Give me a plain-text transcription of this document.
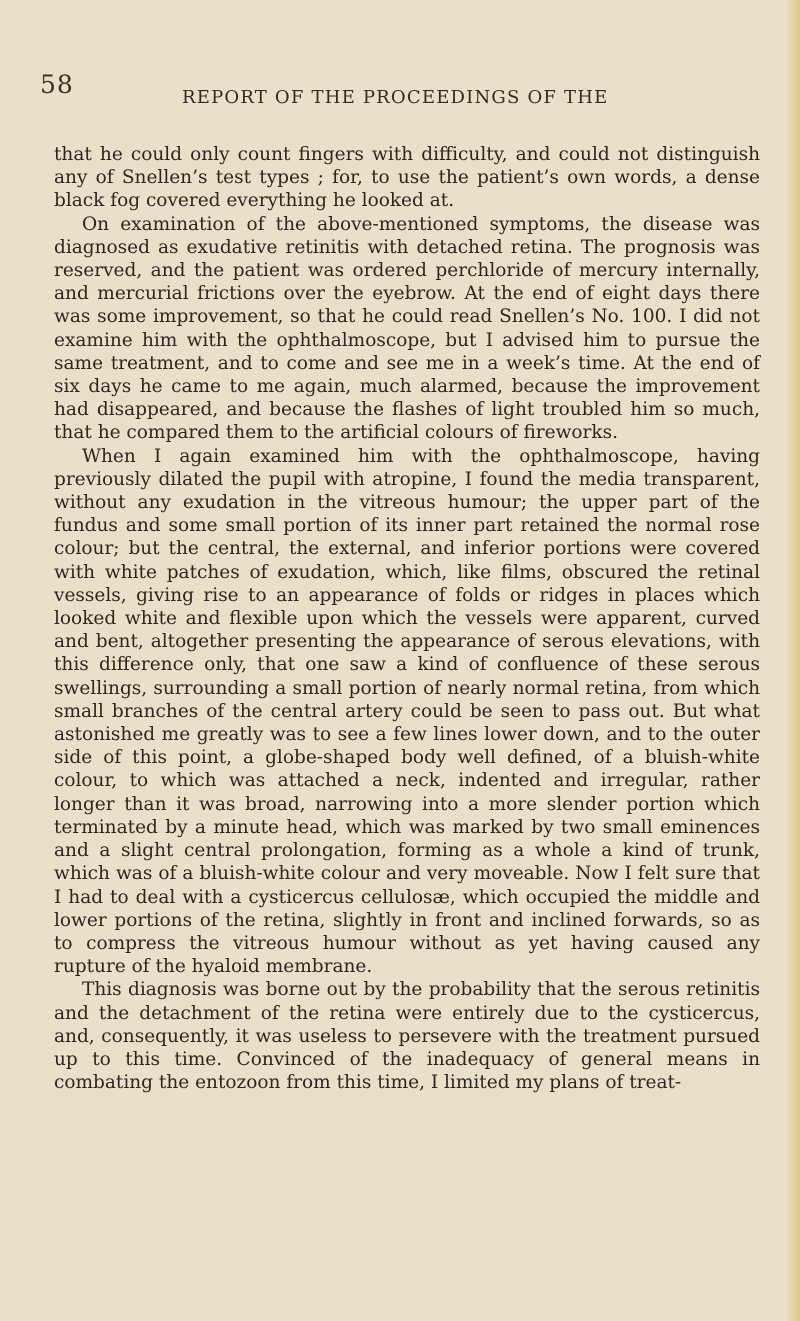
58	REPORT OF THE PROCEEDINGS OF THE

that he could only count fingers with difficulty, and could not distinguish any of Snellen’s test types ; for, to use the patient’s own words, a dense black fog covered everything he looked at.

On examination of the above-mentioned symptoms, the disease was diagnosed as exudative retinitis with detached retina. The prognosis was reserved, and the patient was ordered perchloride of mercury internally, and mercurial frictions over the eyebrow. At the end of eight days there was some improvement, so that he could read Snellen’s No. 100. I did not examine him with the ophthalmoscope, but I advised him to pursue the same treatment, and to come and see me in a week’s time. At the end of six days he came to me again, much alarmed, because the improvement had disappeared, and because the flashes of light troubled him so much, that he compared them to the artificial colours of fireworks.

When I again examined him with the ophthalmoscope, having previously dilated the pupil with atropine, I found the media transparent, without any exudation in the vitreous humour; the upper part of the fundus and some small portion of its inner part retained the normal rose colour; but the central, the external, and inferior portions were covered with white patches of exudation, which, like films, obscured the retinal vessels, giving rise to an appearance of folds or ridges in places which looked white and flexible upon which the vessels were apparent, curved and bent, altogether presenting the appearance of serous elevations, with this difference only, that one saw a kind of confluence of these serous swellings, surrounding a small portion of nearly normal retina, from which small branches of the central artery could be seen to pass out. But what astonished me greatly was to see a few lines lower down, and to the outer side of this point, a globe-shaped body well defined, of a bluish-white colour, to which was attached a neck, indented and irregular, rather longer than it was broad, narrowing into a more slender portion which terminated by a minute head, which was marked by two small eminences and a slight central prolongation, forming as a whole a kind of trunk, which was of a bluish-white colour and very moveable. Now I felt sure that I had to deal with a cysticercus cellulosæ, which occupied the middle and lower portions of the retina, slightly in front and inclined forwards, so as to compress the vitreous humour without as yet having caused any rupture of the hyaloid membrane.

This diagnosis was borne out by the probability that the serous retinitis and the detachment of the retina were entirely due to the cysticercus, and, consequently, it was useless to persevere with the treatment pursued up to this time. Convinced of the inadequacy of general means in combating the entozoon from this time, I limited my plans of treat-
